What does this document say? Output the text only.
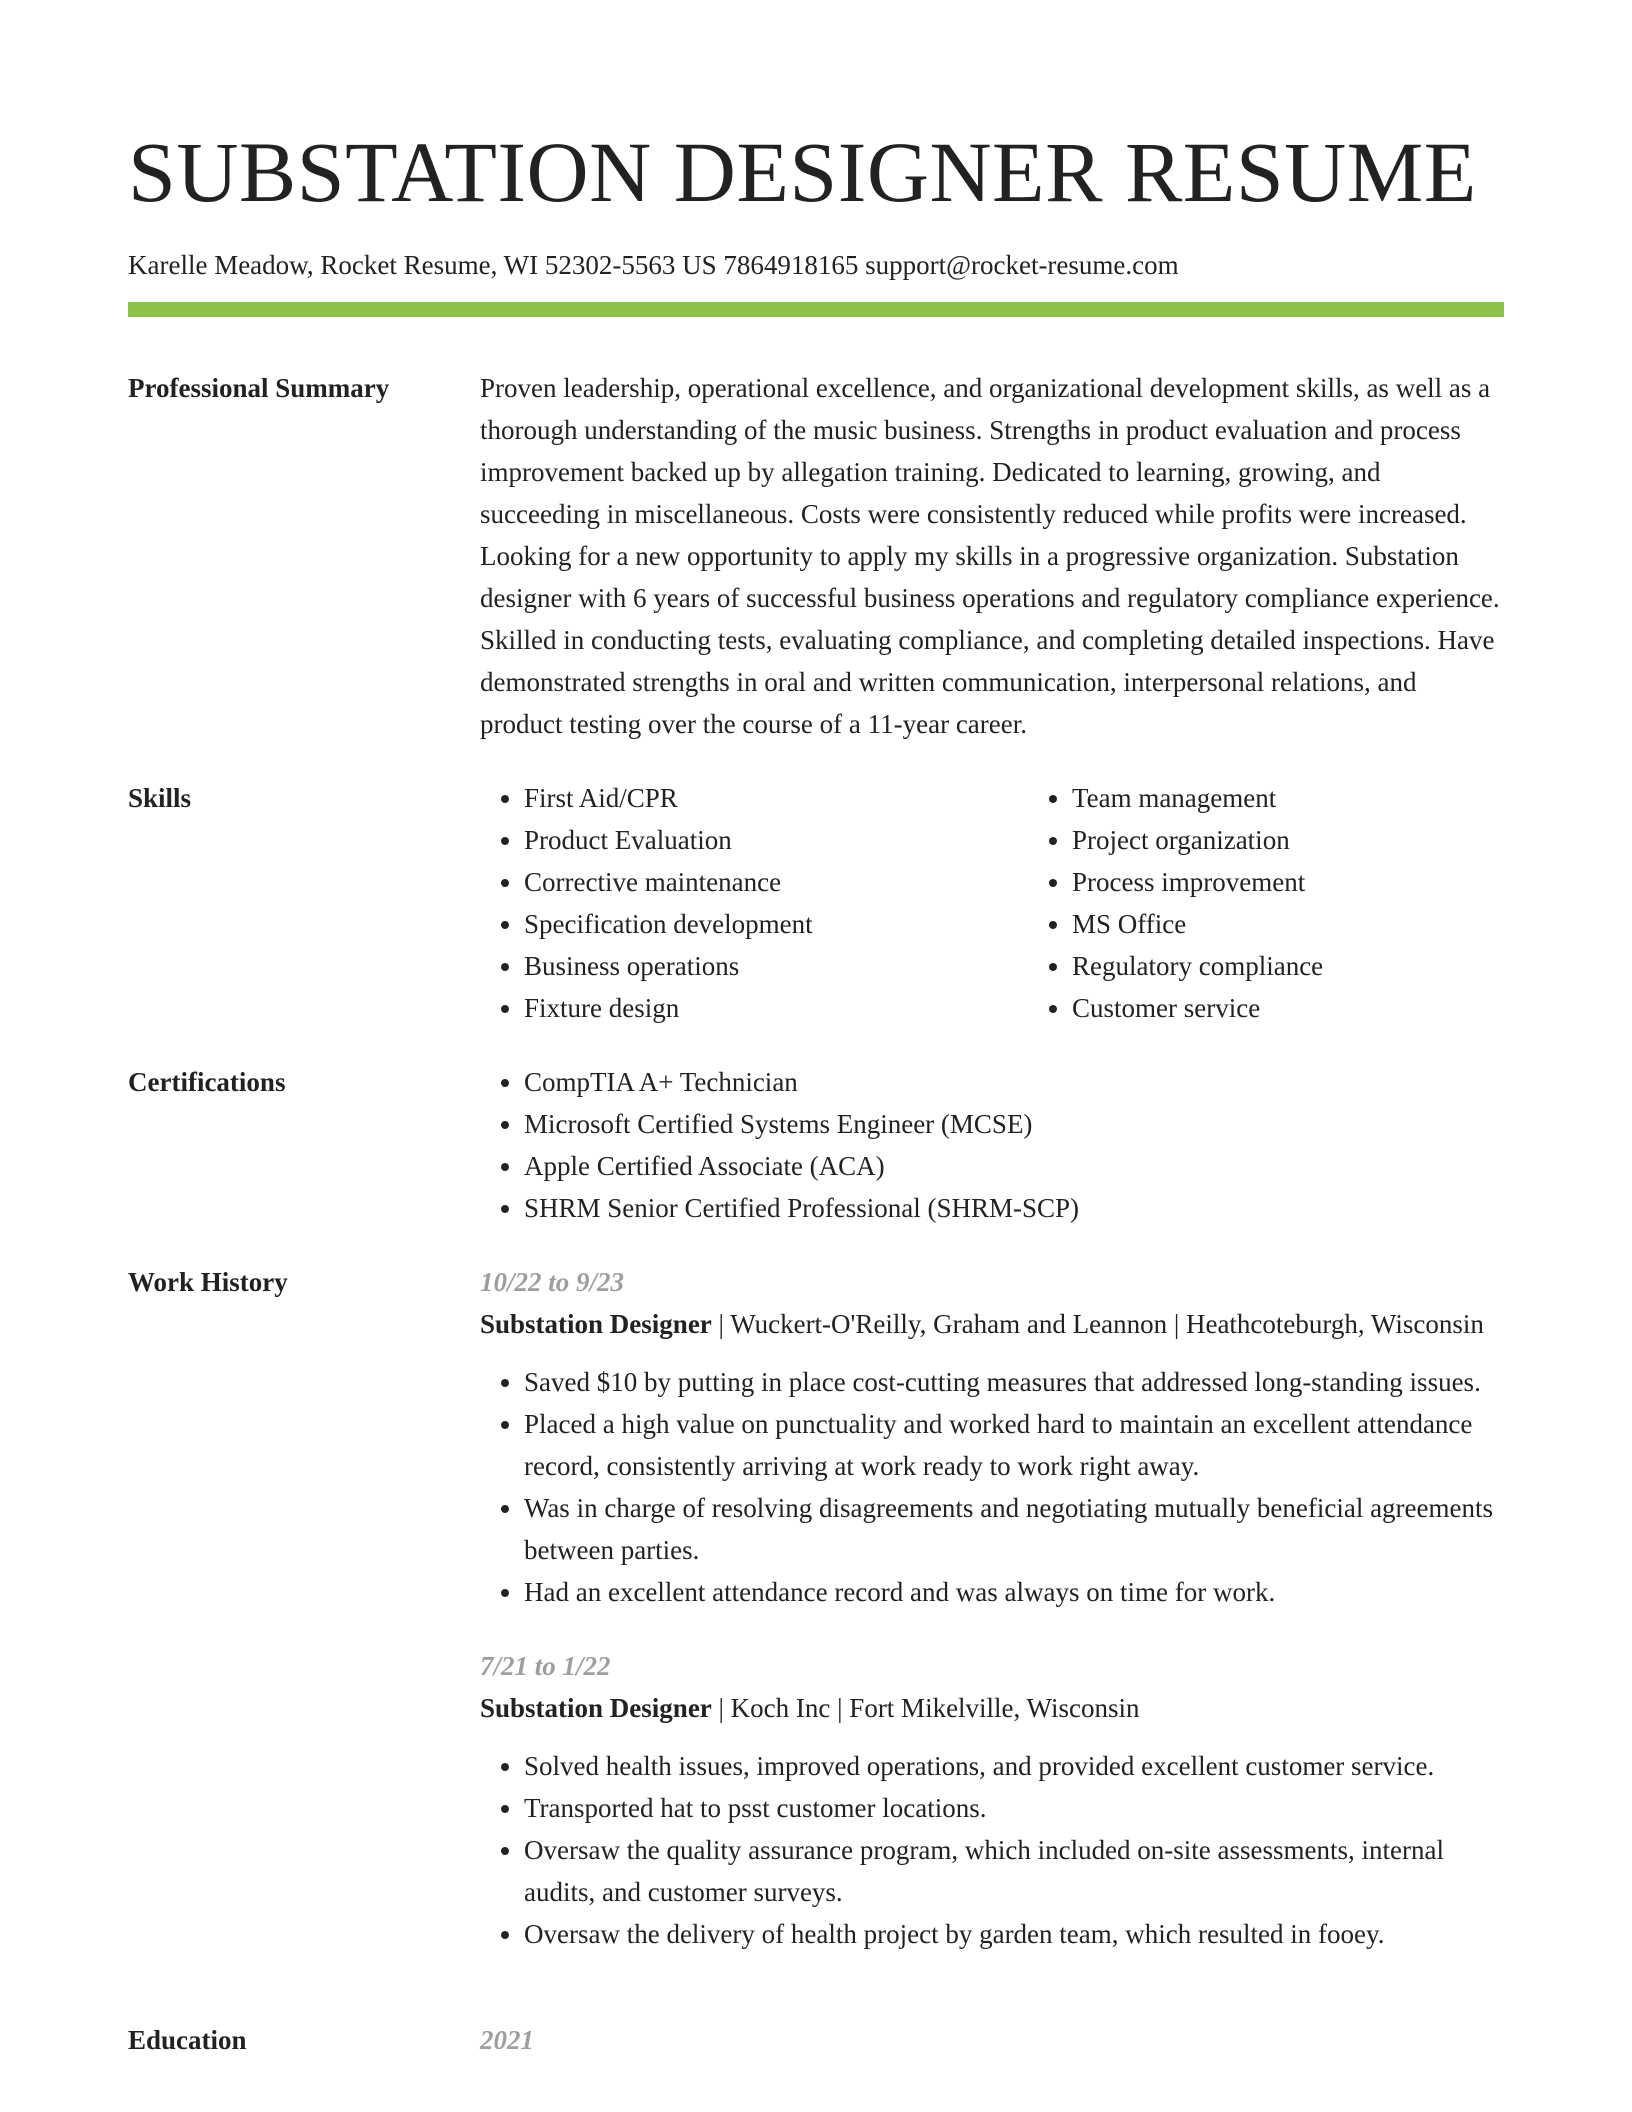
SUBSTATION DESIGNER RESUME
Karelle Meadow, Rocket Resume, WI 52302-5563 US 7864918165 support@rocket-resume.com
Professional Summary	Proven leadership, operational excellence, and organizational development skills, as well as a thorough understanding of the music business. Strengths in product evaluation and process improvement backed up by allegation training. Dedicated to learning, growing, and succeeding in miscellaneous. Costs were consistently reduced while profits were increased. Looking for a new opportunity to apply my skills in a progressive organization. Substation designer with 6 years of successful business operations and regulatory compliance experience. Skilled in conducting tests, evaluating compliance, and completing detailed inspections. Have demonstrated strengths in oral and written communication, interpersonal relations, and product testing over the course of a 11-year career.

Skills	• First Aid/CPR
• Product Evaluation
• Corrective maintenance
• Specification development
• Business operations
• Fixture design
• Team management
• Project organization
• Process improvement
• MS Office
• Regulatory compliance
• Customer service
Certifications	• CompTIA A+ Technician
• Microsoft Certified Systems Engineer (MCSE)
• Apple Certified Associate (ACA)
• SHRM Senior Certified Professional (SHRM-SCP)
Work History	10/22 to 9/23
Substation Designer | Wuckert-O'Reilly, Graham and Leannon | Heathcoteburgh, Wisconsin
• Saved $10 by putting in place cost-cutting measures that addressed long-standing issues.
• Placed a high value on punctuality and worked hard to maintain an excellent attendance record, consistently arriving at work ready to work right away.
• Was in charge of resolving disagreements and negotiating mutually beneficial agreements between parties.
• Had an excellent attendance record and was always on time for work.
7/21 to 1/22
Substation Designer | Koch Inc | Fort Mikelville, Wisconsin
• Solved health issues, improved operations, and provided excellent customer service.
• Transported hat to psst customer locations.
• Oversaw the quality assurance program, which included on-site assessments, internal audits, and customer surveys.
• Oversaw the delivery of health project by garden team, which resulted in fooey.
Education	2021
